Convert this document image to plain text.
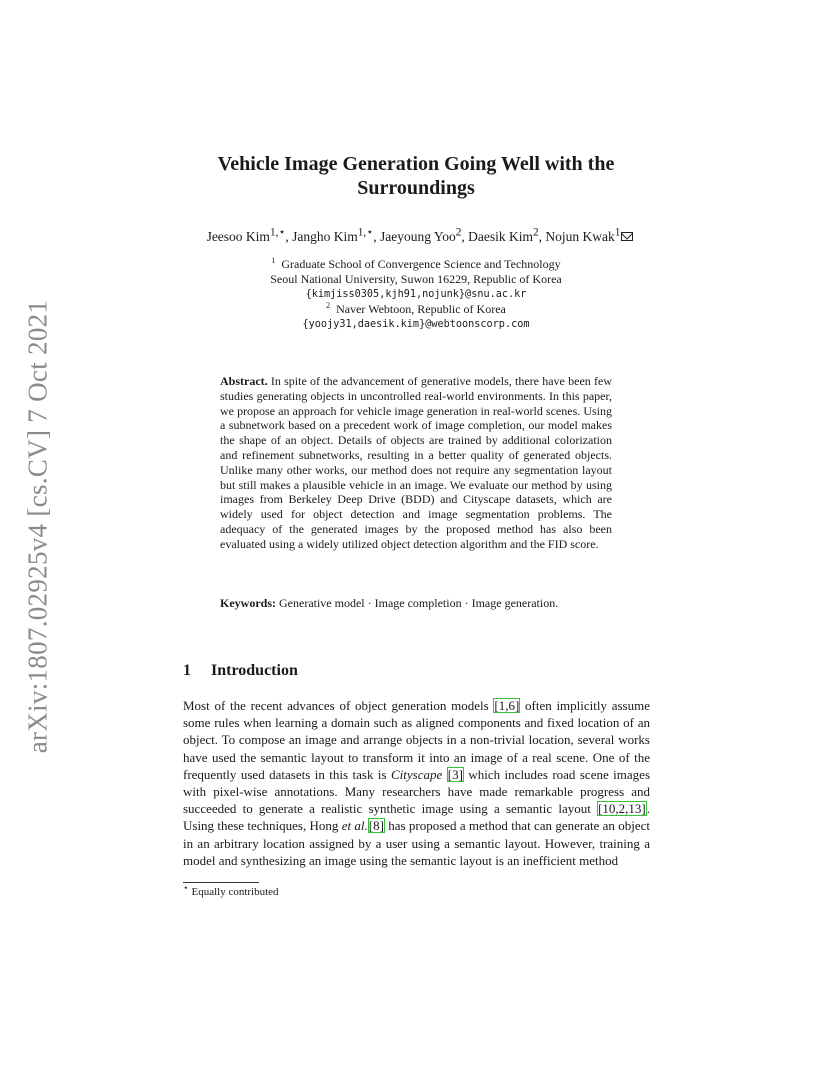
arXiv:1807.02925v4 [cs.CV] 7 Oct 2021
Vehicle Image Generation Going Well with the
Surroundings
Jeesoo Kim$^{1,⋆}$, Jangho Kim$^{1,⋆}$, Jaeyoung Yoo$^2$, Daesik Kim$^2$, Nojun Kwak$^1$
$^1$ Graduate School of Convergence Science and Technology
Seoul National University, Suwon 16229, Republic of Korea
{kimjiss0305,kjh91,nojunk}@snu.ac.kr
$^2$ Naver Webtoon, Republic of Korea
{yoojy31,daesik.kim}@webtoonscorp.com
Abstract. In spite of the advancement of generative models, there have been few studies generating objects in uncontrolled real-world environments. In this paper, we propose an approach for vehicle image generation in real-world scenes. Using a subnetwork based on a precedent work of image completion, our model makes the shape of an object. Details of objects are trained by additional colorization and refinement subnetworks, resulting in a better quality of generated objects. Unlike many other works, our method does not require any segmentation layout but still makes a plausible vehicle in an image. We evaluate our method by using images from Berkeley Deep Drive (BDD) and Cityscape datasets, which are widely used for object detection and image segmentation problems. The adequacy of the generated images by the proposed method has also been evaluated using a widely utilized object detection algorithm and the FID score.
Keywords: Generative model · Image completion · Image generation.
1 Introduction
Most of the recent advances of object generation models [1,6] often implicitly assume some rules when learning a domain such as aligned components and fixed location of an object. To compose an image and arrange objects in a non-trivial location, several works have used the semantic layout to transform it into an image of a real scene. One of the frequently used datasets in this task is Cityscape [3] which includes road scene images with pixel-wise annotations. Many researchers have made remarkable progress and succeeded to generate a realistic synthetic image using a semantic layout [10,2,13]. Using these techniques, Hong et al.[8] has proposed a method that can generate an object in an arbitrary location assigned by a user using a semantic layout. However, training a model and synthesizing an image using the semantic layout is an inefficient method
⋆ Equally contributed
